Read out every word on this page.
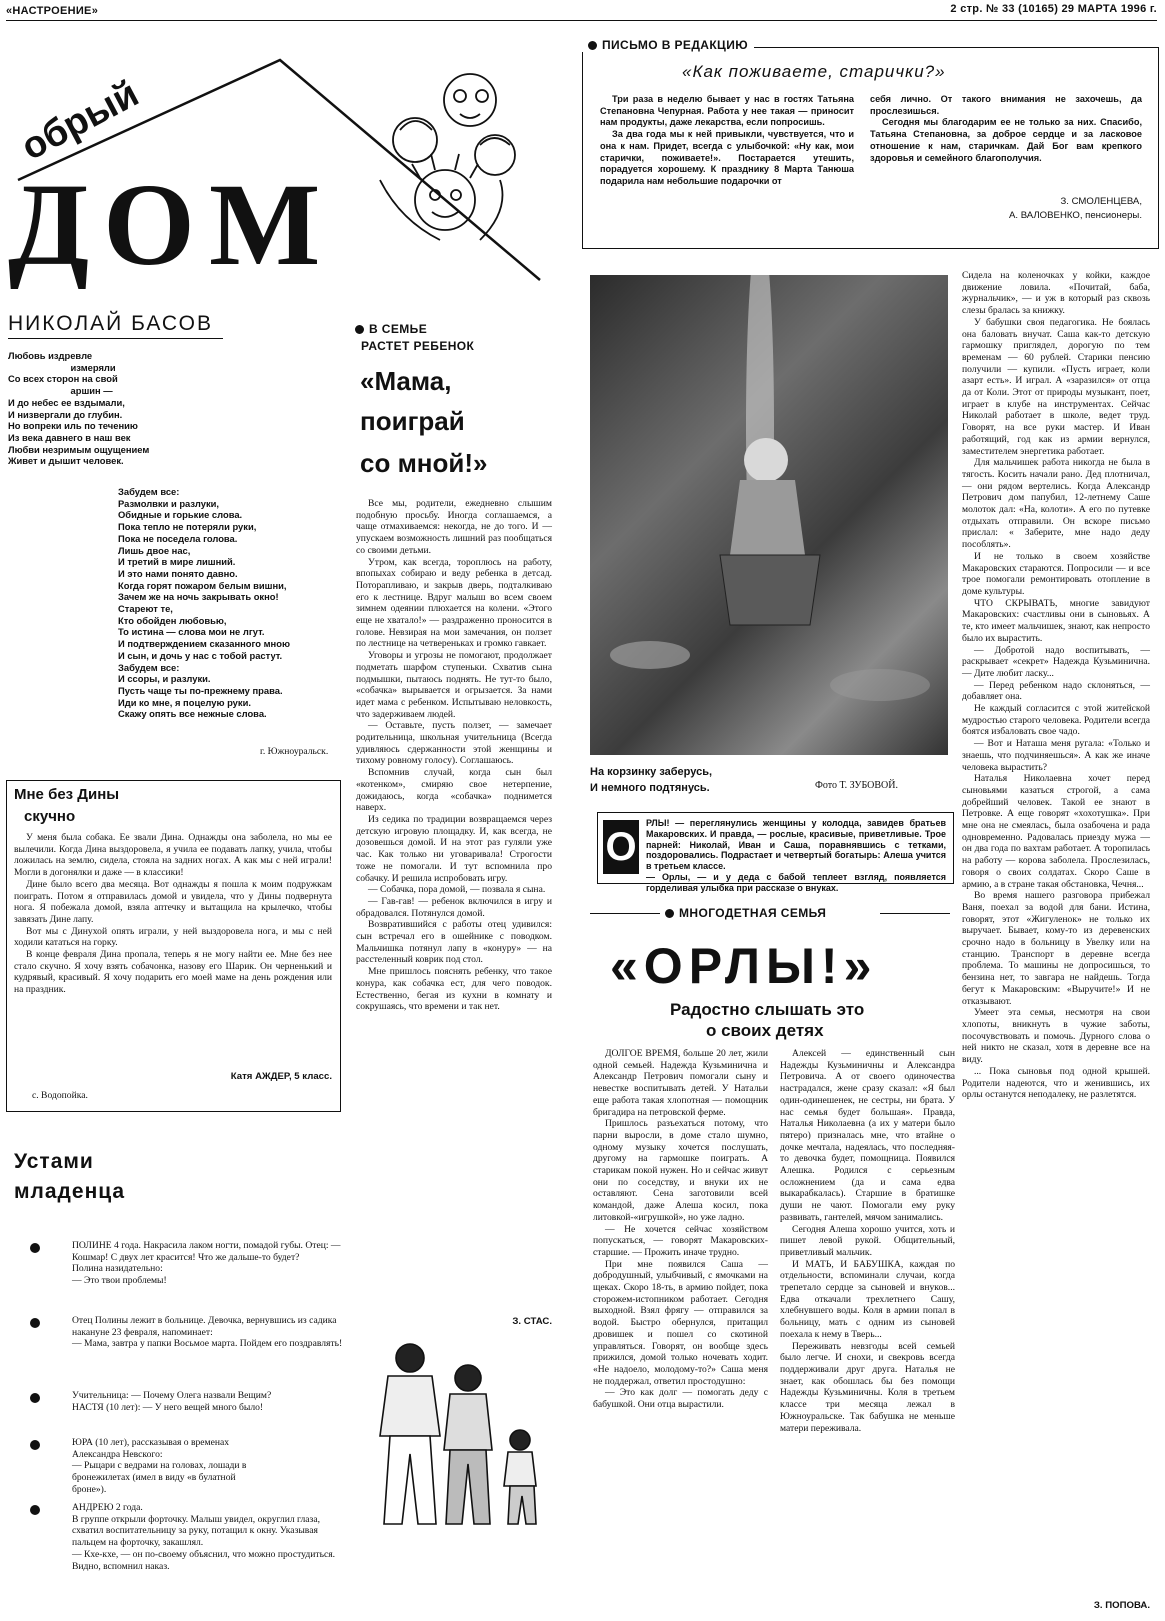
«НАСТРОЕНИЕ»	2 стр. № 33 (10165) 29 МАРТА 1996 г.
обрый
ДОМ
НИКОЛАЙ БАСОВ
Любовь издревле
измеряли
Со всех сторон на свой
аршин —
И до небес ее вздымали,
И низвергали до глубин.
Но вопреки иль по течению
Из века давнего в наш век
Любви незримым ощущением
Живет и дышит человек.
Забудем все:
Размолвки и разлуки,
Обидные и горькие слова.
Пока тепло не потеряли руки,
Пока не поседела голова.
Лишь двое нас,
И третий в мире лишний.
И это нами понято давно.
Когда горят пожаром белым вишни,
Зачем же на ночь закрывать окно!
Стареют те,
Кто обойден любовью,
То истина — слова мои не лгут.
И подтверждением сказанного мною
И сын, и дочь у нас с тобой растут.
Забудем все:
И ссоры, и разлуки.
Пусть чаще ты по-прежнему права.
Иди ко мне, я поцелую руки.
Скажу опять все нежные слова.
г. Южноуральск.
Мне без Дины
скучно

У меня была собака. Ее звали Дина. Однажды она заболела, но мы ее вылечили. Когда Дина выздоровела, я учила ее подавать лапку, учила, чтобы ложилась на землю, сидела, стояла на задних ногах. А как мы с ней играли! Могли в догонялки и даже — в классики!

Дине было всего два месяца. Вот однажды я пошла к моим подружкам поиграть. Потом я отправилась домой и увидела, что у Дины подвернута нога. Я побежала домой, взяла аптечку и вытащила на крылечко, чтобы завязать Дине лапу.

Вот мы с Динухой опять играли, у ней выздоровела нога, и мы с ней ходили кататься на горку.

В конце февраля Дина пропала, теперь я не могу найти ее. Мне без нее стало скучно. Я хочу взять собачонка, назову его Шарик. Он черненький и кудрявый, красивый. Я хочу подарить его моей маме на день рождения или на праздник.

Катя АЖДЕР, 5 класс.
с. Водопойка.
Устами
младенца
ПОЛИНЕ 4 года. Накрасила лаком ногти, помадой губы. Отец: — Кошмар! С двух лет красится! Что же дальше-то будет?
Полина назидательно:
— Это твои проблемы!
Отец Полины лежит в больнице. Девочка, вернувшись из садика накануне 23 февраля, напоминает:
— Мама, завтра у папки Восьмое марта. Пойдем его поздравлять!
Учительница: — Почему Олега назвали Вещим?
НАСТЯ (10 лет): — У него вещей много было!
ЮРА (10 лет), рассказывая о временах Александра Невского:
— Рыцари с ведрами на головах, лошади в бронежилетах (имел в виду «в булатной броне»).
АНДРЕЮ 2 года.
В группе открыли форточку. Малыш увидел, округлил глаза, схватил воспитательницу за руку, потащил к окну. Указывая пальцем на форточку, закашлял.
— Кхе-кхе, — он по-своему объяснил, что можно простудиться. Видно, вспомнил наказ.
В СЕМЬЕ
РАСТЕТ РЕБЕНОК
«Мама,
поиграй
со мной!»

Все мы, родители, ежедневно слышим подобную просьбу. Иногда соглашаемся, а чаще отмахиваемся: некогда, не до того. И — упускаем возможность лишний раз пообщаться со своими детьми.

Утром, как всегда, тороплюсь на работу, впопыхах собираю и веду ребенка в детсад. Поторапливаю, и закрыв дверь, подталкиваю его к лестнице. Вдруг малыш во всем своем зимнем одеянии плюхается на колени. «Этого еще не хватало!» — раздраженно проносится в голове. Невзирая на мои замечания, он ползет по лестнице на четвереньках и громко гавкает.

Уговоры и угрозы не помогают, продолжает подметать шарфом ступеньки. Схватив сына подмышки, пытаюсь поднять. Не тут-то было, «собачка» вырывается и огрызается. За нами идет мама с ребенком. Испытываю неловкость, что задерживаем людей.

— Оставьте, пусть ползет, — замечает родительница, школьная учительница (Всегда удивляюсь сдержанности этой женщины и тихому ровному голосу). Соглашаюсь.

Вспомнив случай, когда сын был «котенком», смиряю свое нетерпение, дожидаюсь, когда «собачка» поднимется наверх.

Из седика по традиции возвращаемся через детскую игровую площадку. И, как всегда, не дозовешься домой. И на этот раз гуляли уже час. Как только ни уговаривала! Строгости тоже не помогали. И тут вспомнила про собачку. И решила испробовать игру.

— Собачка, пора домой, — позвала я сына.

— Гав-гав! — ребенок включился в игру и обрадовался. Потянулся домой.

Возвратившийся с работы отец удивился: сын встречал его в ошейнике с поводком. Мальчишка потянул лапу в «конуру» — на расстеленный коврик под стол.

Мне пришлось пояснять ребенку, что такое конура, как собачка ест, для чего поводок. Естественно, бегая из кухни в комнату и сокрушаясь, что времени и так нет.

З. СТАС.
ПИСЬМО В РЕДАКЦИЮ
«Как поживаете, старички?»

Три раза в неделю бывает у нас в гостях Татьяна Степановна Чепурная. Работа у нее такая — приносит нам продукты, даже лекарства, если попросишь.

За два года мы к ней привыкли, чувствуется, что и она к нам. Придет, всегда с улыбочкой: «Ну как, мои старички, поживаете!». Постарается утешить, порадуется хорошему. К празднику 8 Марта Танюша подарила нам небольшие подарочки от

себя лично. От такого внимания не захочешь, да прослезишься.

Сегодня мы благодарим ее не только за них. Спасибо, Татьяна Степановна, за доброе сердце и за ласковое отношение к нам, старичкам. Дай Бог вам крепкого здоровья и семейного благополучия.

З. СМОЛЕНЦЕВА,
А. ВАЛОВЕНКО, пенсионеры.
На корзинку заберусь,
И немного подтянусь.	Фото Т. ЗУБОВОЙ.
О
РЛЫ! — переглянулись женщины у колодца, завидев братьев Макаровских. И правда, — рослые, красивые, приветливые. Трое парней: Николай, Иван и Саша, поравнявшись с тетками, поздоровались. Подрастает и четвертый богатырь: Алеша учится в третьем классе.
— Орлы, — и у деда с бабой теплеет взгляд, появляется горделивая улыбка при рассказе о внуках.
МНОГОДЕТНАЯ СЕМЬЯ
«ОРЛЫ!»
Радостно слышать это
о своих детях

ДОЛГОЕ ВРЕМЯ, больше 20 лет, жили одной семьей. Надежда Кузьминична и Александр Петрович помогали сыну и невестке воспитывать детей. У Натальи еще работа такая хлопотная — помощник бригадира на петровской ферме.

Пришлось разъехаться потому, что парни выросли, в доме стало шумно, одному музыку хочется послушать, другому на гармошке поиграть. А старикам покой нужен. Но и сейчас живут они по соседству, и внуки их не оставляют. Сена заготовили всей командой, даже Алеша косил, пока литовкой-«игрушкой», но уже ладно.

— Не хочется сейчас хозяйством попускаться, — говорят Макаровских-старшие. — Прожить иначе трудно.

При мне появился Саша — добродушный, улыбчивый, с ямочками на щеках. Скоро 18-ть, в армию пойдет, пока сторожем-истопником работает. Сегодня выходной. Взял фрягу — отправился за водой. Быстро обернулся, притащил дровишек и пошел со скотиной управляться. Говорят, он вообще здесь прижился, домой только ночевать ходит. «Не надоело, молодому-то?» Саша меня не поддержал, ответил простодушно:

— Это как долг — помогать деду с бабушкой. Они отца вырастили.

Алексей — единственный сын Надежды Кузьминичны и Александра Петровича. А от своего одиночества настрадался, жене сразу сказал: «Я был один-одинешенек, не сестры, ни брата. У нас семья будет большая». Правда, Наталья Николаевна (а их у матери было пятеро) призналась мне, что втайне о дочке мечтала, надеялась, что последняя-то девочка будет, помощница. Появился Алешка. Родился с серьезным осложнением (да и сама едва выкарабкалась). Старшие в братишке души не чают. Помогали ему руку развивать, гантелей, мячом занимались.

Сегодня Алеша хорошо учится, хоть и пишет левой рукой. Общительный, приветливый мальчик.

И МАТЬ, И БАБУШКА, каждая по отдельности, вспоминали случаи, когда трепетало сердце за сыновей и внуков... Едва откачали трехлетнего Сашу, хлебнувшего воды. Коля в армии попал в больницу, мать с одним из сыновей поехала к нему в Тверь...

Переживать невзгоды всей семьей было легче. И снохи, и свекровь всегда поддерживали друг друга. Наталья не знает, как обошлась бы без помощи Надежды Кузьминичны. Коля в третьем классе три месяца лежал в Южноуральске. Так бабушка не меньше матери переживала.

Сидела на коленочках у койки, каждое движение ловила. «Почитай, баба, журнальчик», — и уж в который раз сквозь слезы бралась за книжку.

У бабушки своя педагогика. Не боялась она баловать внучат. Саша как-то детскую гармошку приглядел, дорогую по тем временам — 60 рублей. Старики пенсию получили — купили. «Пусть играет, коли азарт есть». И играл. А «заразился» от отца да от Коли. Этот от природы музыкант, поет, играет в клубе на инструментах. Сейчас Николай работает в школе, ведет труд. Говорят, на все руки мастер. И Иван работящий, год как из армии вернулся, заместителем энергетика работает.

Для мальчишек работа никогда не была в тягость. Косить начали рано. Дед плотничал, — они рядом вертелись. Когда Александр Петрович дом папубил, 12-летнему Саше молоток дал: «На, колоти». А его по путевке отдыхать отправили. Он вскоре письмо прислал: « Заберите, мне надо деду пособлять».

И не только в своем хозяйстве Макаровских стараются. Попросили — и все трое помогали ремонтировать отопление в доме культуры.

ЧТО СКРЫВАТЬ, многие завидуют Макаровских: счастливы они в сыновьях. А те, кто имеет мальчишек, знают, как непросто было их вырастить.

— Добротой надо воспитывать, — раскрывает «секрет» Надежда Кузьминична. — Дите любит ласку...

— Перед ребенком надо склоняться, — добавляет она.

Не каждый согласится с этой житейской мудростью старого человека. Родители всегда боятся избаловать свое чадо.

— Вот и Наташа меня ругала: «Только и знаешь, что подчиняешься». А как же иначе человека вырастить?

Наталья Николаевна хочет перед сыновьями казаться строгой, а сама добрейший человек. Такой ее знают в Петровке. А еще говорят «хохотушка». При мне она не смеялась, была озабочена и рада одновременно. Радовалась приезду мужа — он два года по вахтам работает. А торопилась на работу — корова заболела. Прослезилась, говоря о своих солдатах. Скоро Саше в армию, а в стране такая обстановка, Чечня...

Во время нашего разговора прибежал Ваня, поехал за водой для бани. Истина, говорят, этот «Жигуленок» не только их выручает. Бывает, кому-то из деревенских срочно надо в больницу в Увелку или на станцию. Транспорт в деревне всегда проблема. То машины не допросишься, то бензина нет, то завгара не найдешь. Тогда бегут к Макаровским: «Выручите!» И не отказывают.

Умеет эта семья, несмотря на свои хлопоты, вникнуть в чужие заботы, посочувствовать и помочь. Дурного слова о ней никто не сказал, хотя в деревне все на виду.

... Пока сыновья под одной крышей. Родители надеются, что и женившись, их орлы останутся неподалеку, не разлетятся.

З. ПОПОВА.
